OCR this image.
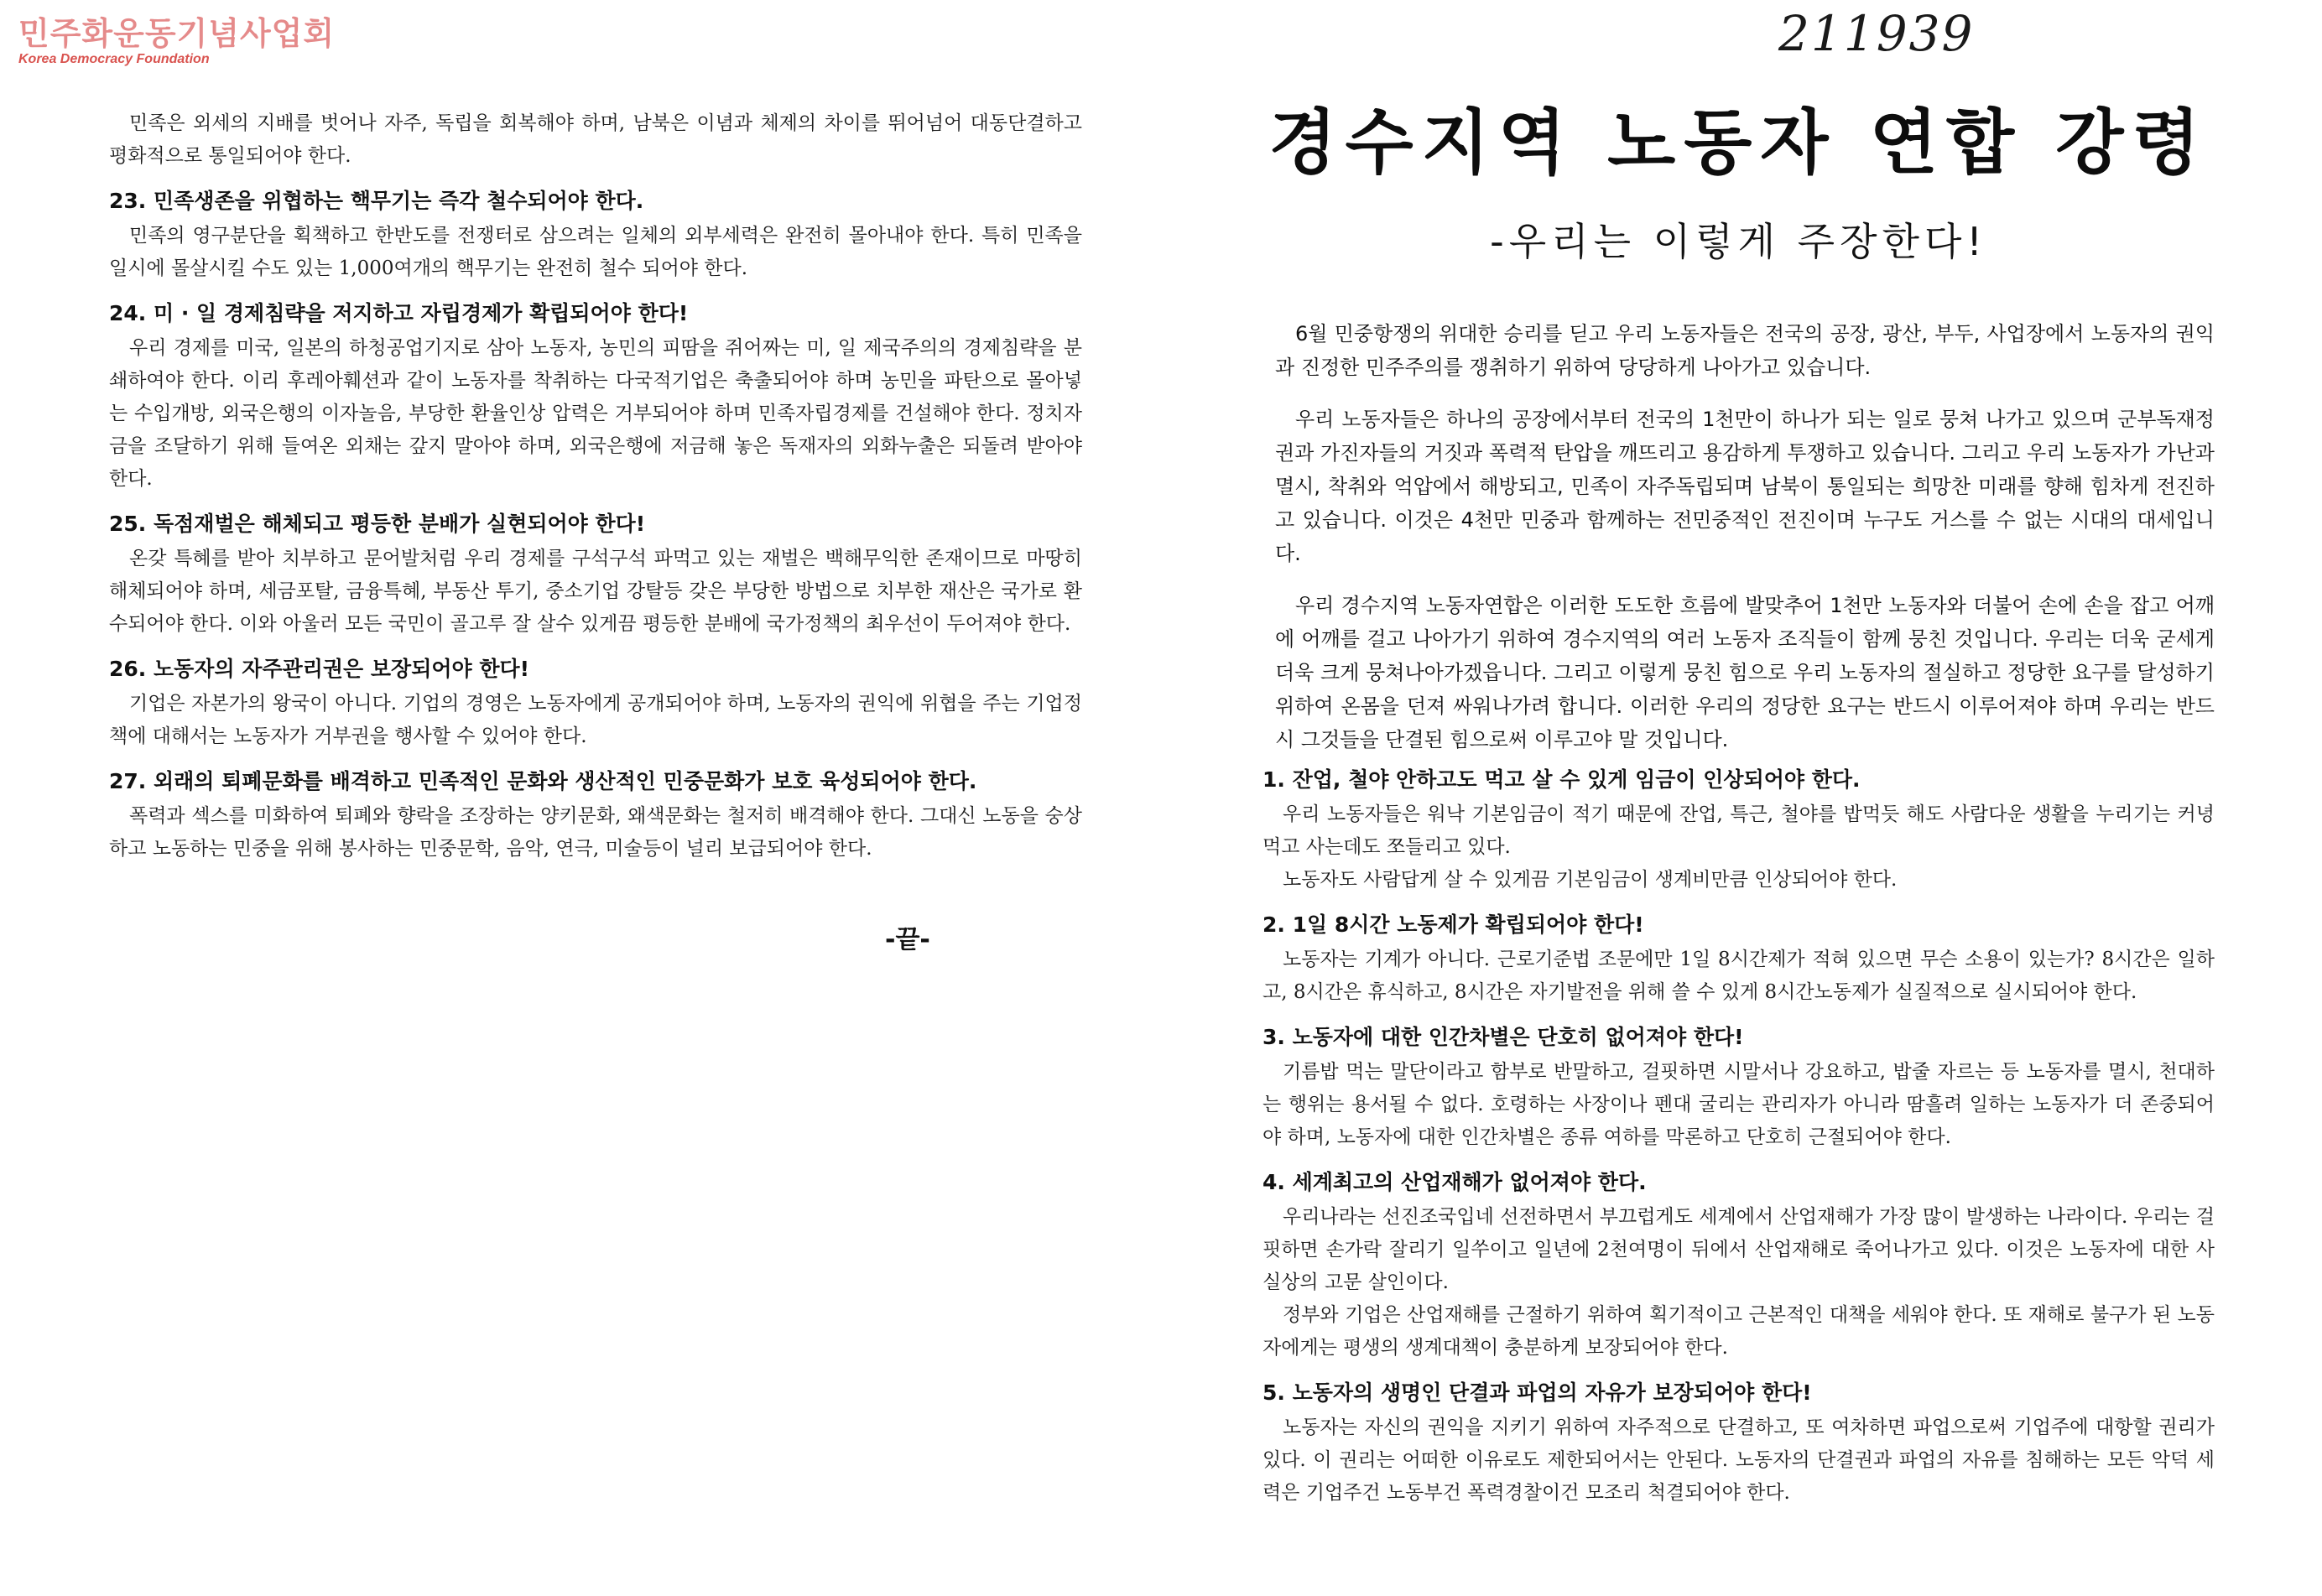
민주화운동기념사업회
Korea Democracy Foundation	211939

민족은 외세의 지배를 벗어나 자주, 독립을 회복해야 하며, 남북은 이념과 체제의 차이를 뛰어넘어 대동단결하고 평화적으로 통일되어야 한다.

23. 민족생존을 위협하는 핵무기는 즉각 철수되어야 한다.

민족의 영구분단을 획책하고 한반도를 전쟁터로 삼으려는 일체의 외부세력은 완전히 몰아내야 한다. 특히 민족을 일시에 몰살시킬 수도 있는 1,000여개의 핵무기는 완전히 철수 되어야 한다.

24. 미 · 일 경제침략을 저지하고 자립경제가 확립되어야 한다!

우리 경제를 미국, 일본의 하청공업기지로 삼아 노동자, 농민의 피땀을 쥐어짜는 미, 일 제국주의의 경제침략을 분쇄하여야 한다. 이리 후레아훼션과 같이 노동자를 착취하는 다국적기업은 축출되어야 하며 농민을 파탄으로 몰아넣는 수입개방, 외국은행의 이자놀음, 부당한 환율인상 압력은 거부되어야 하며 민족자립경제를 건설해야 한다. 정치자금을 조달하기 위해 들여온 외채는 갚지 말아야 하며, 외국은행에 저금해 놓은 독재자의 외화누출은 되돌려 받아야 한다.

25. 독점재벌은 해체되고 평등한 분배가 실현되어야 한다!

온갖 특혜를 받아 치부하고 문어발처럼 우리 경제를 구석구석 파먹고 있는 재벌은 백해무익한 존재이므로 마땅히 해체되어야 하며, 세금포탈, 금융특혜, 부동산 투기, 중소기업 강탈등 갖은 부당한 방법으로 치부한 재산은 국가로 환수되어야 한다. 이와 아울러 모든 국민이 골고루 잘 살수 있게끔 평등한 분배에 국가정책의 최우선이 두어져야 한다.

26. 노동자의 자주관리권은 보장되어야 한다!

기업은 자본가의 왕국이 아니다. 기업의 경영은 노동자에게 공개되어야 하며, 노동자의 권익에 위협을 주는 기업정책에 대해서는 노동자가 거부권을 행사할 수 있어야 한다.

27. 외래의 퇴폐문화를 배격하고 민족적인 문화와 생산적인 민중문화가 보호 육성되어야 한다.

폭력과 섹스를 미화하여 퇴폐와 향락을 조장하는 양키문화, 왜색문화는 철저히 배격해야 한다. 그대신 노동을 숭상하고 노동하는 민중을 위해 봉사하는 민중문학, 음악, 연극, 미술등이 널리 보급되어야 한다.

-끝-
경수지역 노동자 연합 강령
-우리는 이렇게 주장한다!

6월 민중항쟁의 위대한 승리를 딛고 우리 노동자들은 전국의 공장, 광산, 부두, 사업장에서 노동자의 권익과 진정한 민주주의를 쟁취하기 위하여 당당하게 나아가고 있습니다.

우리 노동자들은 하나의 공장에서부터 전국의 1천만이 하나가 되는 일로 뭉쳐 나가고 있으며 군부독재정권과 가진자들의 거짓과 폭력적 탄압을 깨뜨리고 용감하게 투쟁하고 있습니다. 그리고 우리 노동자가 가난과 멸시, 착취와 억압에서 해방되고, 민족이 자주독립되며 남북이 통일되는 희망찬 미래를 향해 힘차게 전진하고 있습니다. 이것은 4천만 민중과 함께하는 전민중적인 전진이며 누구도 거스를 수 없는 시대의 대세입니다.

우리 경수지역 노동자연합은 이러한 도도한 흐름에 발맞추어 1천만 노동자와 더불어 손에 손을 잡고 어깨에 어깨를 걸고 나아가기 위하여 경수지역의 여러 노동자 조직들이 함께 뭉친 것입니다. 우리는 더욱 굳세게 더욱 크게 뭉쳐나아가겠읍니다. 그리고 이렇게 뭉친 힘으로 우리 노동자의 절실하고 정당한 요구를 달성하기 위하여 온몸을 던져 싸워나가려 합니다. 이러한 우리의 정당한 요구는 반드시 이루어져야 하며 우리는 반드시 그것들을 단결된 힘으로써 이루고야 말 것입니다.

1. 잔업, 철야 안하고도 먹고 살 수 있게 임금이 인상되어야 한다.

우리 노동자들은 워낙 기본임금이 적기 때문에 잔업, 특근, 철야를 밥먹듯 해도 사람다운 생활을 누리기는 커녕 먹고 사는데도 쪼들리고 있다.

노동자도 사람답게 살 수 있게끔 기본임금이 생계비만큼 인상되어야 한다.

2. 1일 8시간 노동제가 확립되어야 한다!

노동자는 기계가 아니다. 근로기준법 조문에만 1일 8시간제가 적혀 있으면 무슨 소용이 있는가? 8시간은 일하고, 8시간은 휴식하고, 8시간은 자기발전을 위해 쓸 수 있게 8시간노동제가 실질적으로 실시되어야 한다.

3. 노동자에 대한 인간차별은 단호히 없어져야 한다!

기름밥 먹는 말단이라고 함부로 반말하고, 걸핏하면 시말서나 강요하고, 밥줄 자르는 등 노동자를 멸시, 천대하는 행위는 용서될 수 없다. 호령하는 사장이나 펜대 굴리는 관리자가 아니라 땀흘려 일하는 노동자가 더 존중되어야 하며, 노동자에 대한 인간차별은 종류 여하를 막론하고 단호히 근절되어야 한다.

4. 세계최고의 산업재해가 없어져야 한다.

우리나라는 선진조국입네 선전하면서 부끄럽게도 세계에서 산업재해가 가장 많이 발생하는 나라이다. 우리는 걸핏하면 손가락 잘리기 일쑤이고 일년에 2천여명이 뒤에서 산업재해로 죽어나가고 있다. 이것은 노동자에 대한 사실상의 고문 살인이다.

정부와 기업은 산업재해를 근절하기 위하여 획기적이고 근본적인 대책을 세워야 한다. 또 재해로 불구가 된 노동자에게는 평생의 생계대책이 충분하게 보장되어야 한다.

5. 노동자의 생명인 단결과 파업의 자유가 보장되어야 한다!

노동자는 자신의 권익을 지키기 위하여 자주적으로 단결하고, 또 여차하면 파업으로써 기업주에 대항할 권리가 있다. 이 권리는 어떠한 이유로도 제한되어서는 안된다. 노동자의 단결권과 파업의 자유를 침해하는 모든 악덕 세력은 기업주건 노동부건 폭력경찰이건 모조리 척결되어야 한다.
